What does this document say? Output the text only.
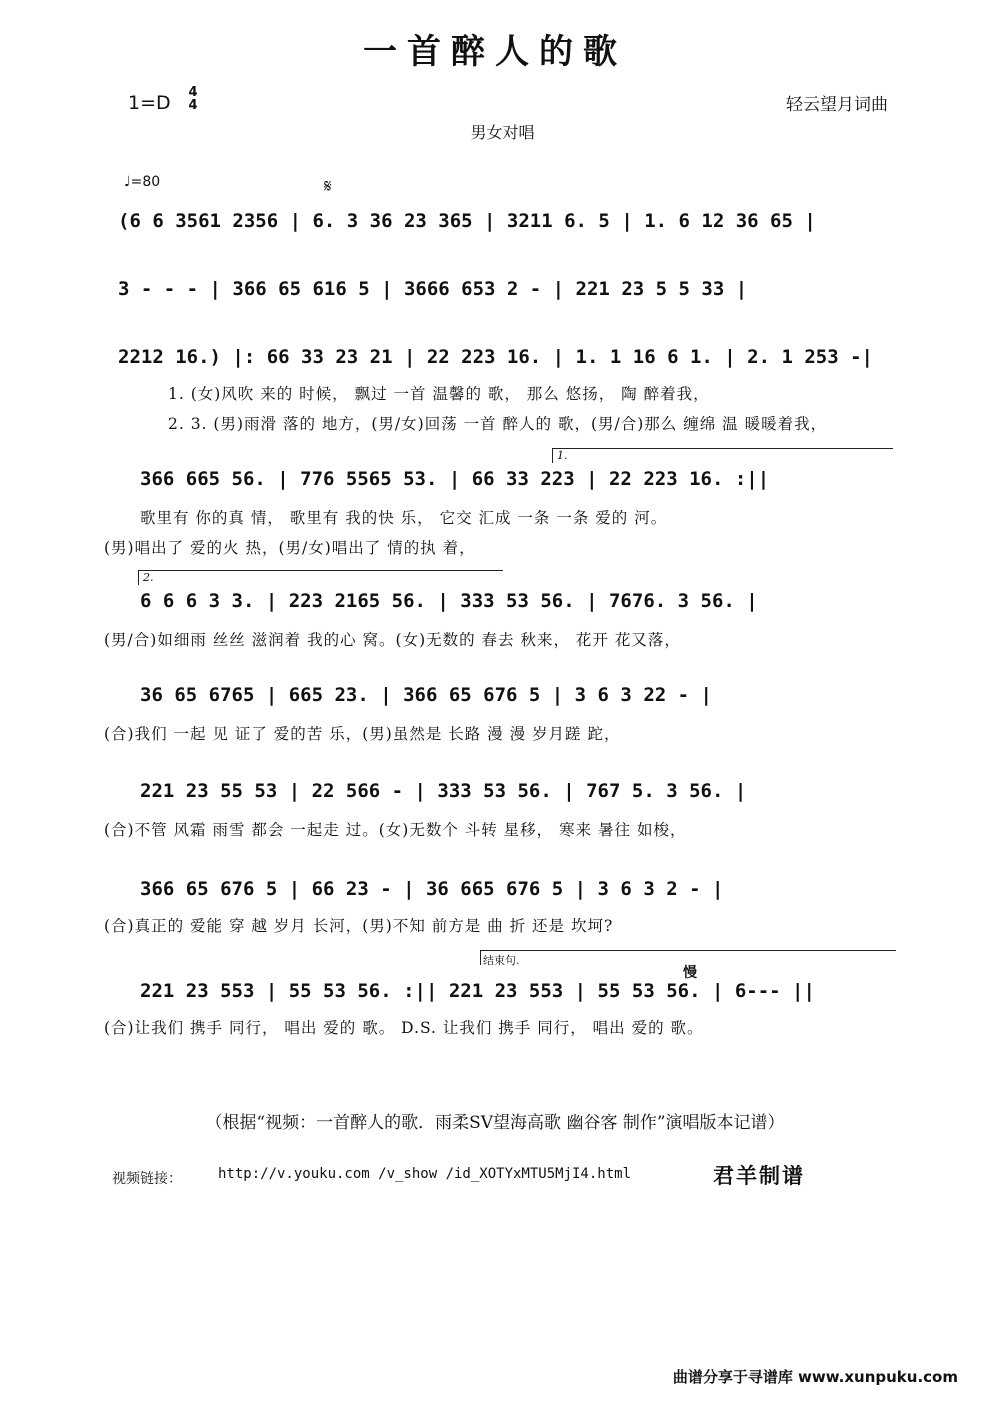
一首醉人的歌
1=D 4
4	轻云望月词曲
男女对唱
♩=80	𝄋
(6 6 3561 2356 | 6. 3 36 23 365 | 3211 6. 5 | 1. 6 12 36 65 |
3 - - - | 366 65 616 5 | 3666 653 2 - | 221 23 5 5 33 |
2212 16.) |: 66 33 23 21 | 22 223 16. | 1. 1 16 6 1. | 2. 1 253 -|
1. (女)风吹 来的 时候， 飘过 一首 温馨的 歌， 那么 悠扬， 陶 醉着我，
2. 3. (男)雨滑 落的 地方，(男/女)回荡 一首 醉人的 歌，(男/合)那么 缠绵 温 暖暖着我，
1.
366 665 56. | 776 5565 53. | 66 33 223 | 22 223 16. :||
歌里有 你的真 情， 歌里有 我的快 乐， 它交 汇成 一条 一条 爱的 河。
(男)唱出了 爱的火 热，(男/女)唱出了 情的执 着，
2.
6 6 6 3 3. | 223 2165 56. | 333 53 56. | 7676. 3 56. |
(男/合)如细雨 丝丝 滋润着 我的心 窝。(女)无数的 春去 秋来， 花开 花又落，
36 65 6765 | 665 23. | 366 65 676 5 | 3 6 3 22 - |
(合)我们 一起 见 证了 爱的苦 乐，(男)虽然是 长路 漫 漫 岁月蹉 跎，
221 23 55 53 | 22 566 - | 333 53 56. | 767 5. 3 56. |
(合)不管 风霜 雨雪 都会 一起走 过。(女)无数个 斗转 星移， 寒来 暑往 如梭，
366 65 676 5 | 66 23 - | 36 665 676 5 | 3 6 3 2 - |
(合)真正的 爱能 穿 越 岁月 长河，(男)不知 前方是 曲 折 还是 坎坷?
结束句.
慢
221 23 553 | 55 53 56. :|| 221 23 553 | 55 53 56. | 6--- ||
(合)让我们 携手 同行， 唱出 爱的 歌。 D.S. 让我们 携手 同行， 唱出 爱的 歌。
（根据“视频：一首醉人的歌．雨柔SV望海高歌 幽谷客 制作”演唱版本记谱）
视频链接：	http://v.youku.com /v_show /id_XOTYxMTU5MjI4.html	君羊制谱
曲谱分享于寻谱库 www.xunpuku.com
